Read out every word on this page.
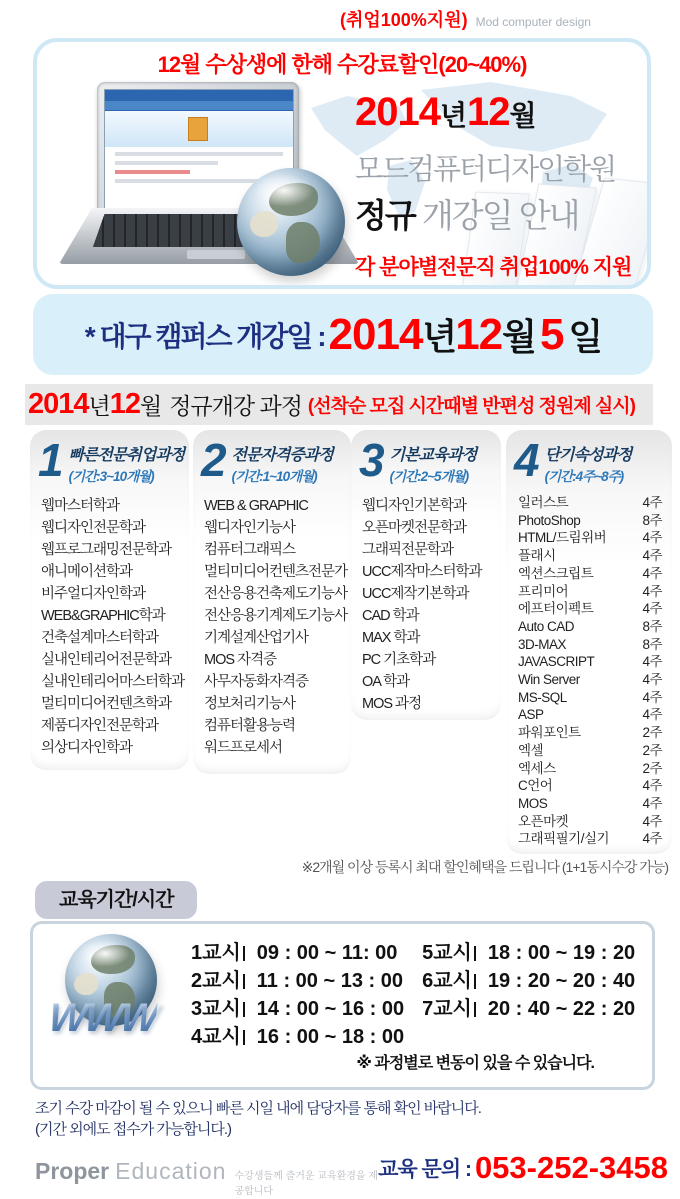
(취업100%지원) Mod computer design
12월 수상생에 한해 수강료할인(20~40%)
2014년12월
모드컴퓨터디자인학원
정규 개강일 안내
각 분야별전문직 취업100% 지원
* 대구 캠퍼스 개강일 : 2014 년 12 월 5 일
2014 년 12 월 정규개강 과정 (선착순 모집 시간때별 반편성 정원제 실시)
1 빠른전문취업과정
(기간:3~10개월)
웹마스터학과
웹디자인전문학과
웹프로그래밍전문학과
애니메이션학과
비주얼디자인학과
WEB&GRAPHIC학과
건축설계마스터학과
실내인테리어전문학과
실내인테리어마스터학과
멀티미디어컨텐츠학과
제품디자인전문학과
의상디자인학과
2 전문자격증과정
(기간:1~10개월)
WEB & GRAPHIC
웹디자인기능사
컴퓨터그래픽스
멀티미디어컨텐츠전문가
전산응용건축제도기능사
전산응용기계제도기능사
기계설계산업기사
MOS 자격증
사무자동화자격증
정보처리기능사
컴퓨터활용능력
워드프로세서
3 기본교육과정
(기간:2~5개월)
웹디자인기본학과
오픈마켓전문학과
그래픽전문학과
UCC제작마스터학과
UCC제작기본학과
CAD 학과
MAX 학과
PC 기초학과
OA 학과
MOS 과정
4 단기속성과정
(기간:4주~8주)
일러스트	4주
PhotoShop	8주
HTML/드림위버	4주
플래시	4주
엑션스크립트	4주
프리미어	4주
에프터이펙트	4주
Auto CAD	8주
3D-MAX	8주
JAVASCRIPT	4주
Win Server	4주
MS-SQL	4주
ASP	4주
파워포인트	2주
엑셀	2주
엑세스	2주
C언어	4주
MOS	4주
오픈마켓	4주
그래픽필기/실기 4주
※2개월 이상 등록시 최대 할인혜택을 드립니다 (1+1동시수강 가능)
교육기간/시간
WWW
1교시 09 : 00 ~ 11: 00
2교시 11 : 00 ~ 13 : 00
3교시 14 : 00 ~ 16 : 00
4교시 16 : 00 ~ 18 : 00
5교시 18 : 00 ~ 19 : 20
6교시 19 : 20 ~ 20 : 40
7교시 20 : 40 ~ 22 : 20
※ 과정별로 변동이 있을 수 있습니다.
조기 수강 마감이 될 수 있으니 빠른 시일 내에 담당자를 통해 확인 바랍니다.
(기간 외에도 접수가 가능합니다.)
Proper Education 수강생들께 즐거운 교육환경을 제공합니다
교육 문의 : 053-252-3458
